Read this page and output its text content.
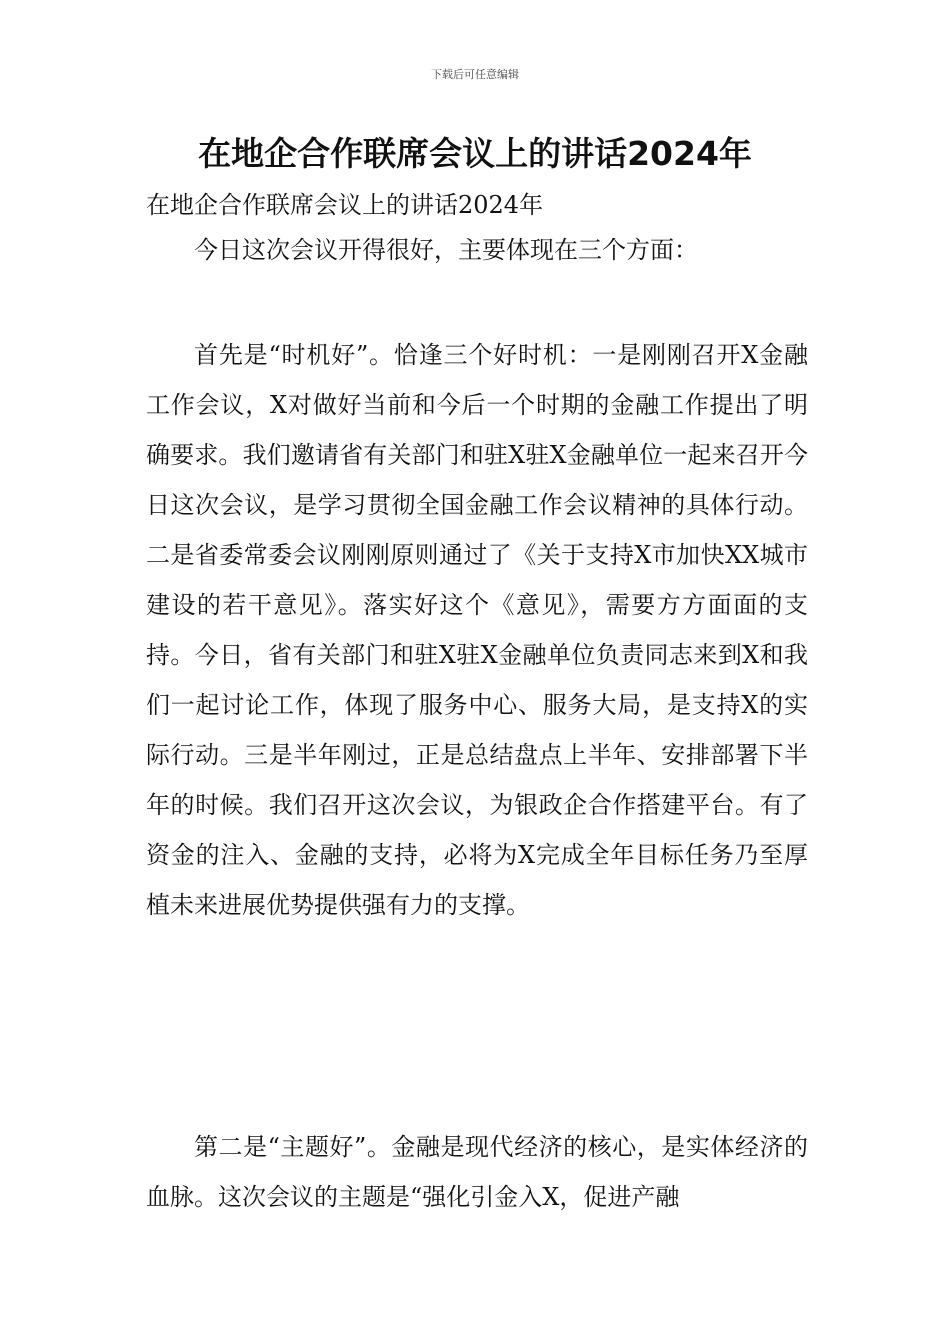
下载后可任意编辑
在地企合作联席会议上的讲话2024年

在地企合作联席会议上的讲话2024年

今日这次会议开得很好，主要体现在三个方面：

首先是“时机好”。恰逢三个好时机：一是刚刚召开X金融工作会议，X对做好当前和今后一个时期的金融工作提出了明确要求。我们邀请省有关部门和驻X驻X金融单位一起来召开今日这次会议，是学习贯彻全国金融工作会议精神的具体行动。二是省委常委会议刚刚原则通过了《关于支持X市加快XX城市建设的若干意见》。落实好这个《意见》，需要方方面面的支持。今日，省有关部门和驻X驻X金融单位负责同志来到X和我们一起讨论工作，体现了服务中心、服务大局，是支持X的实际行动。三是半年刚过，正是总结盘点上半年、安排部署下半年的时候。我们召开这次会议，为银政企合作搭建平台。有了资金的注入、金融的支持，必将为X完成全年目标任务乃至厚植未来进展优势提供强有力的支撑。

第二是“主题好”。金融是现代经济的核心，是实体经济的血脉。这次会议的主题是“强化引金入X，促进产融
